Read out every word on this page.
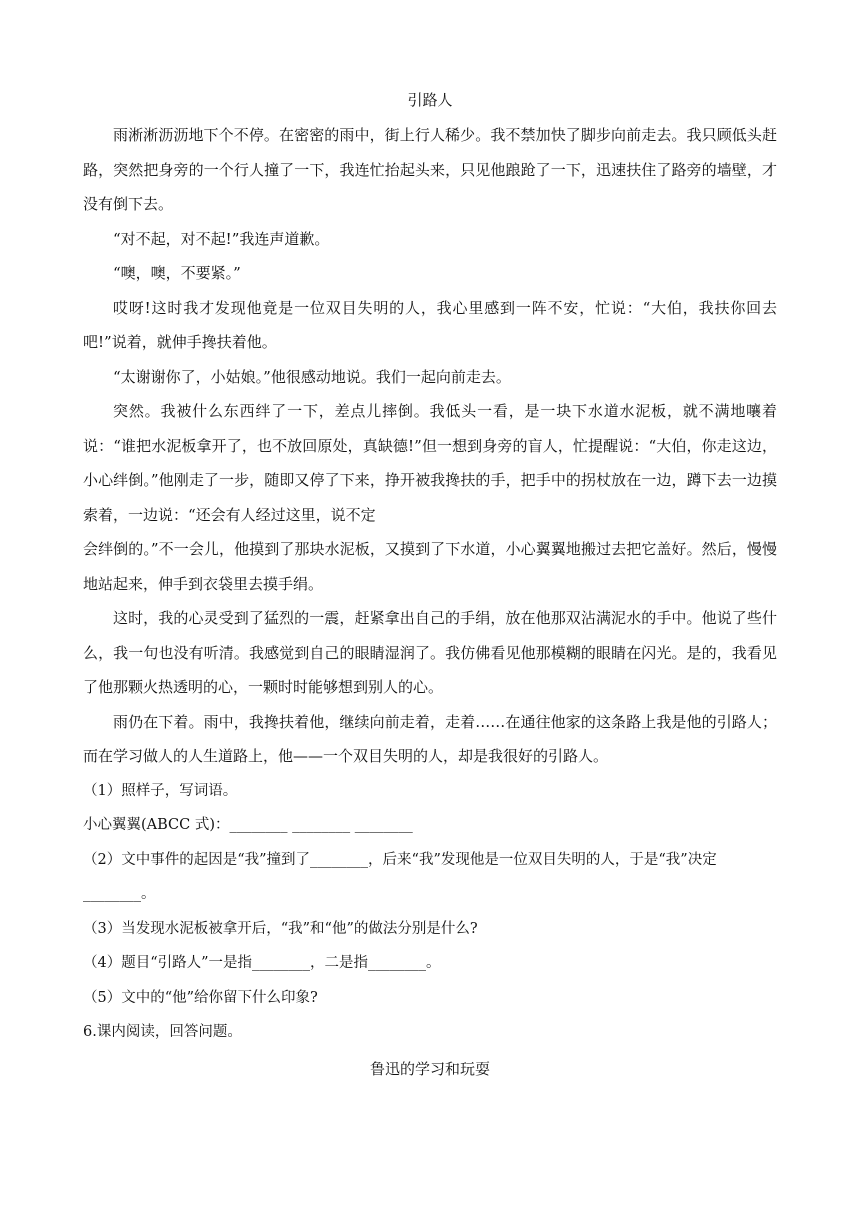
引路人

雨淅淅沥沥地下个不停。在密密的雨中，街上行人稀少。我不禁加快了脚步向前走去。我只顾低头赶路，突然把身旁的一个行人撞了一下，我连忙抬起头来，只见他踉跄了一下，迅速扶住了路旁的墙壁，才没有倒下去。

“对不起，对不起!”我连声道歉。

“噢，噢，不要紧。”

哎呀!这时我才发现他竟是一位双目失明的人，我心里感到一阵不安，忙说：“大伯，我扶你回去吧!”说着，就伸手搀扶着他。

“太谢谢你了，小姑娘。”他很感动地说。我们一起向前走去。

突然。我被什么东西绊了一下，差点儿摔倒。我低头一看，是一块下水道水泥板，就不满地嚷着说：“谁把水泥板拿开了，也不放回原处，真缺德!”但一想到身旁的盲人，忙提醒说：“大伯，你走这边，小心绊倒。”他刚走了一步，随即又停了下来，挣开被我搀扶的手，把手中的拐杖放在一边，蹲下去一边摸索着，一边说：“还会有人经过这里，说不定

会绊倒的。”不一会儿，他摸到了那块水泥板，又摸到了下水道，小心翼翼地搬过去把它盖好。然后，慢慢地站起来，伸手到衣袋里去摸手绢。

这时，我的心灵受到了猛烈的一震，赶紧拿出自己的手绢，放在他那双沾满泥水的手中。他说了些什么，我一句也没有听清。我感觉到自己的眼睛湿润了。我仿佛看见他那模糊的眼睛在闪光。是的，我看见了他那颗火热透明的心，一颗时时能够想到别人的心。

雨仍在下着。雨中，我搀扶着他，继续向前走着，走着……在通往他家的这条路上我是他的引路人；而在学习做人的人生道路上，他——一个双目失明的人，却是我很好的引路人。

（1）照样子，写词语。

小心翼翼(ABCC 式)：________ ________ ________

（2）文中事件的起因是“我”撞到了________，后来“我”发现他是一位双目失明的人，于是“我”决定

________。

（3）当发现水泥板被拿开后，“我”和“他”的做法分别是什么?

（4）题目“引路人”一是指________，二是指________。

（5）文中的“他”给你留下什么印象?

6.课内阅读，回答问题。

鲁迅的学习和玩耍
